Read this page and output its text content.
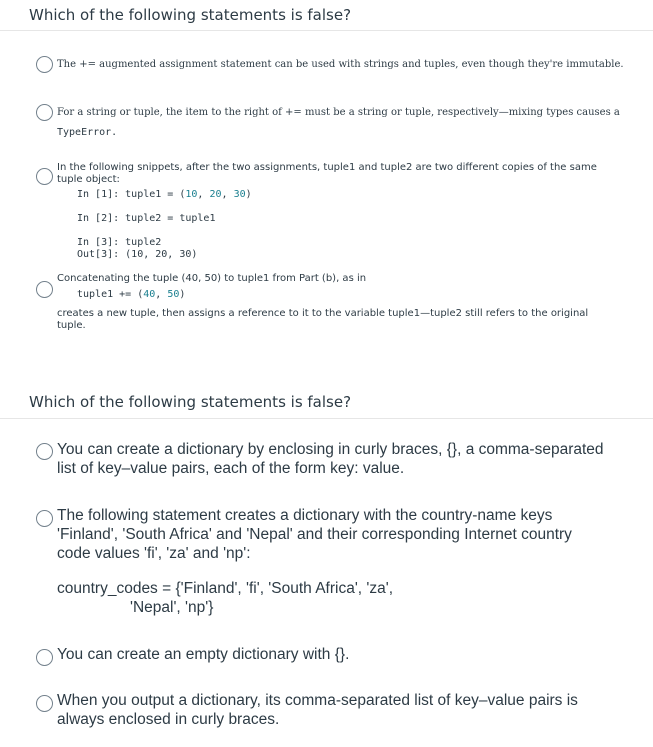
Which of the following statements is false?
The += augmented assignment statement can be used with strings and tuples, even though they're immutable.
For a string or tuple, the item to the right of += must be a string or tuple, respectively—mixing types causes a
TypeError.
In the following snippets, after the two assignments, tuple1 and tuple2 are two different copies of the same
tuple object:
In [1]: tuple1 = (10, 20, 30)
In [2]: tuple2 = tuple1
In [3]: tuple2
Out[3]: (10, 20, 30)
Concatenating the tuple (40, 50) to tuple1 from Part (b), as in
tuple1 += (40, 50)
creates a new tuple, then assigns a reference to it to the variable tuple1—tuple2 still refers to the original
tuple.
Which of the following statements is false?
You can create a dictionary by enclosing in curly braces, {}, a comma-separated
list of key–value pairs, each of the form key: value.
The following statement creates a dictionary with the country-name keys
'Finland', 'South Africa' and 'Nepal' and their corresponding Internet country
code values 'fi', 'za' and 'np':
country_codes = {'Finland', 'fi', 'South Africa', 'za',
'Nepal', 'np'}
You can create an empty dictionary with {}.
When you output a dictionary, its comma-separated list of key–value pairs is
always enclosed in curly braces.
